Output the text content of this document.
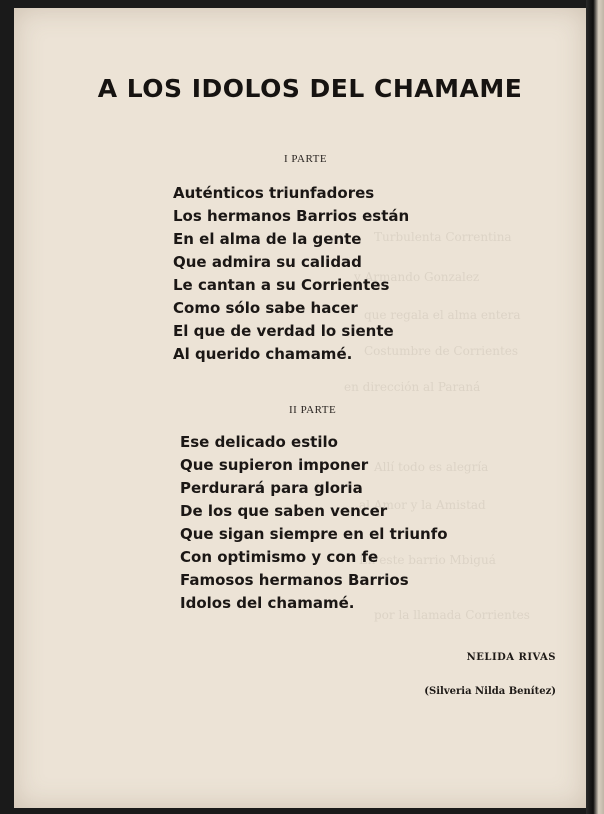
A LOS IDOLOS DEL CHAMAME
I PARTE
Auténticos triunfadores
Los hermanos Barrios están
En el alma de la gente
Que admira su calidad
Le cantan a su Corrientes
Como sólo sabe hacer
El que de verdad lo siente
Al querido chamamé.
II PARTE
Ese delicado estilo
Que supieron imponer
Perdurará para gloria
De los que saben vencer
Que sigan siempre en el triunfo
Con optimismo y con fe
Famosos hermanos Barrios
Idolos del chamamé.
NELIDA RIVAS
(Silveria Nilda Benítez)
